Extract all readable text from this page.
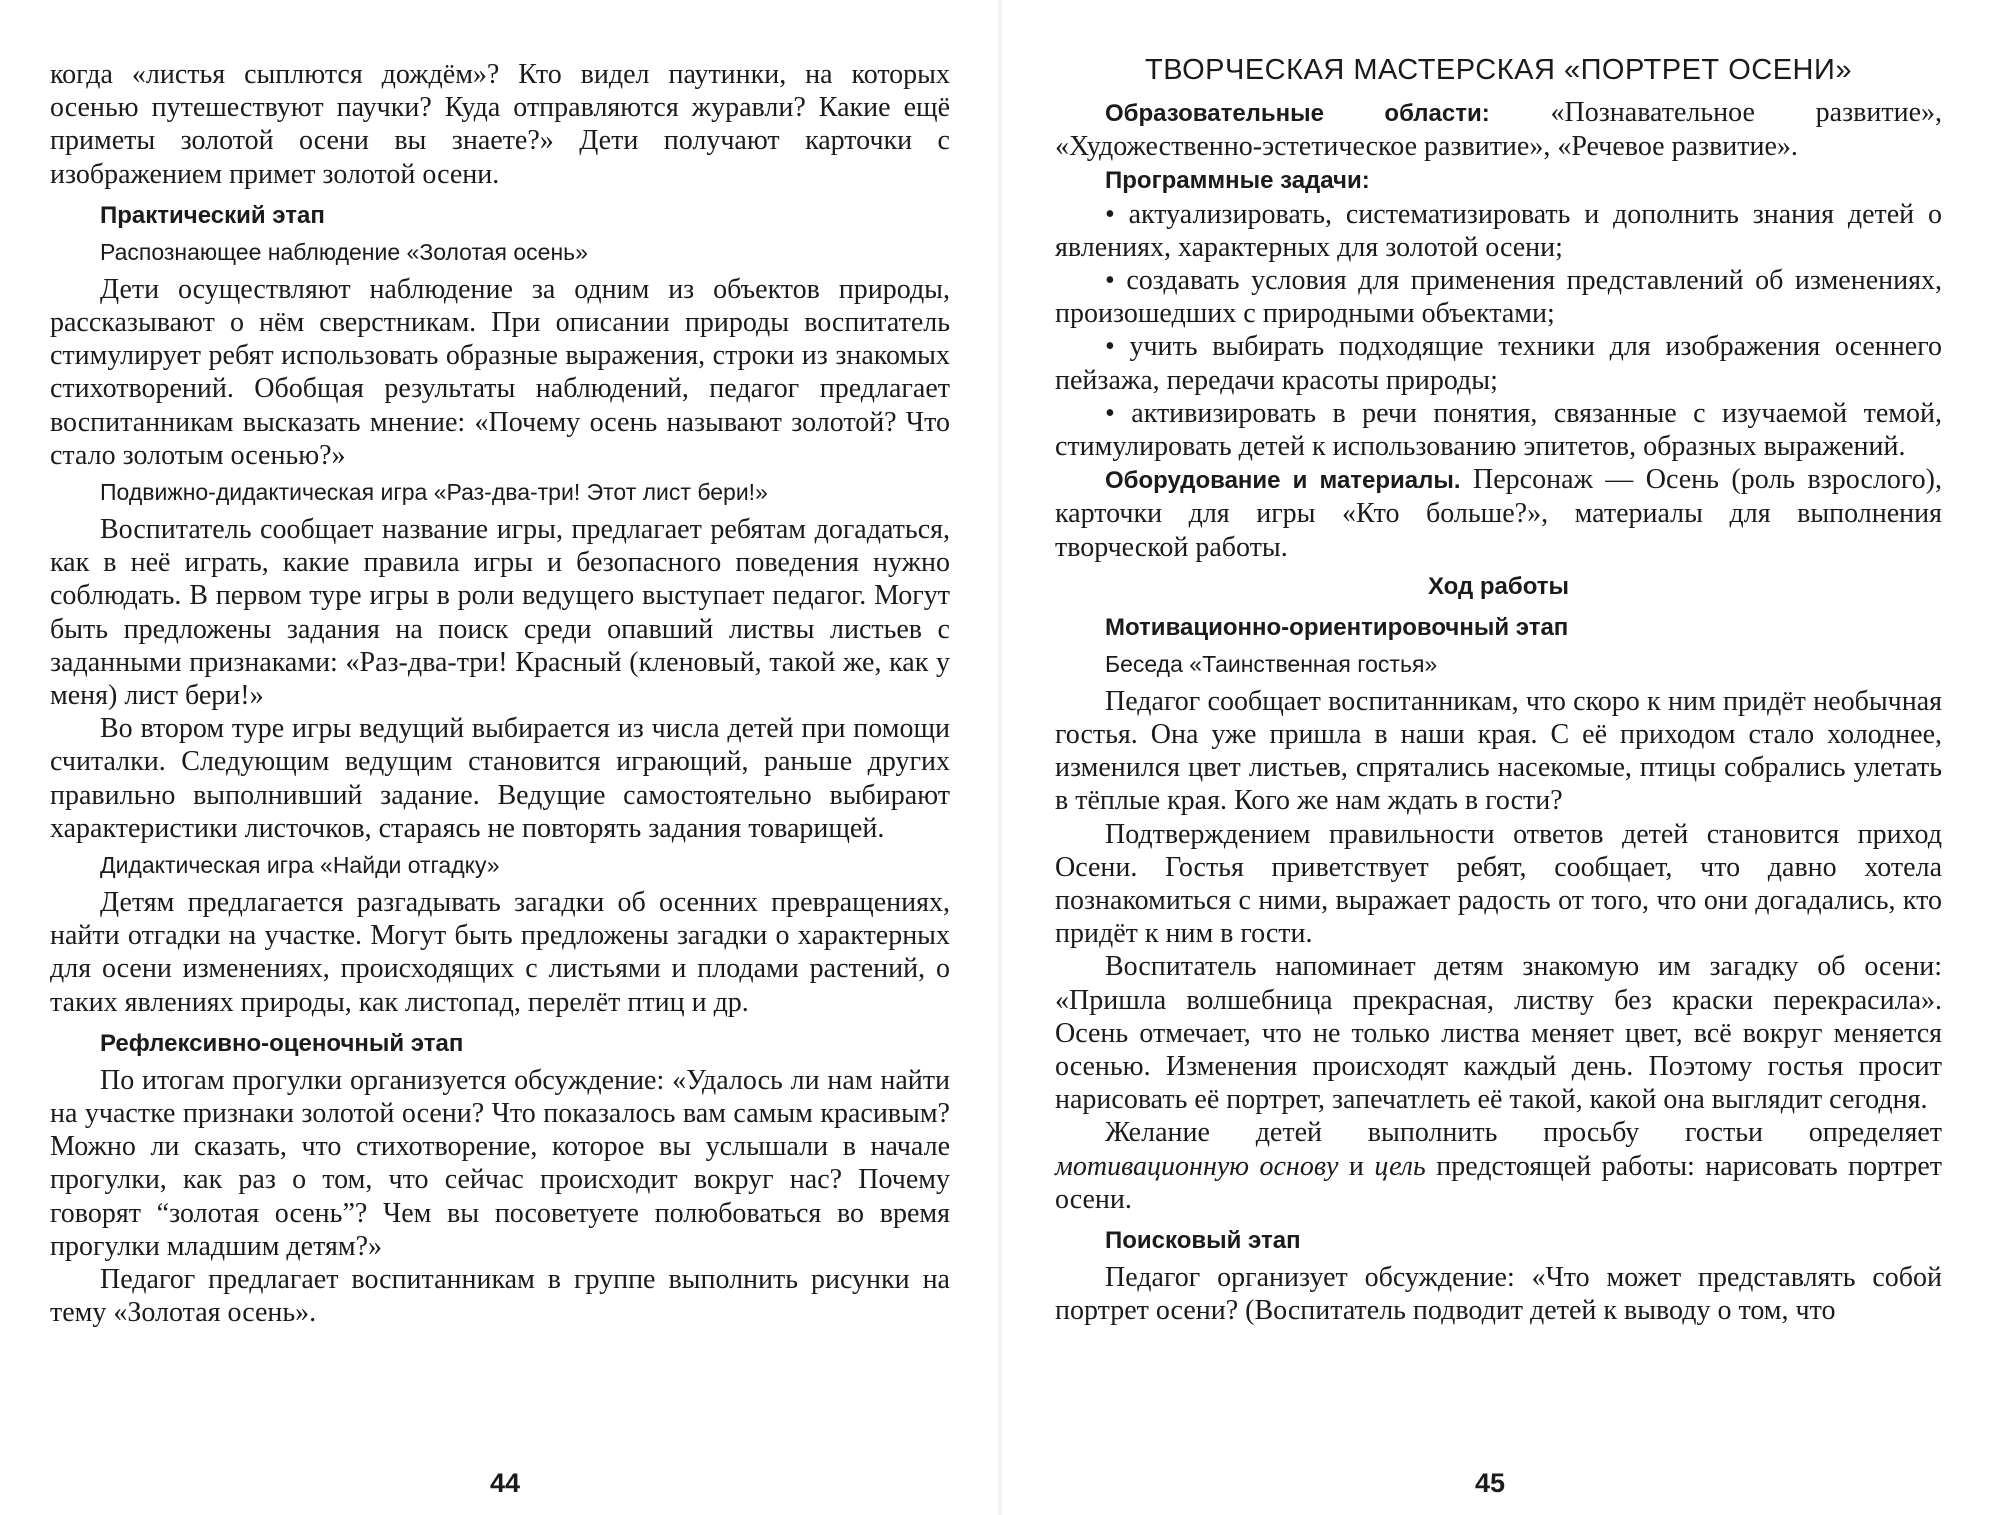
когда «листья сыплются дождём»? Кто видел паутинки, на которых осенью путешествуют паучки? Куда отправляются журавли? Какие ещё приметы золотой осени вы знаете?» Дети получают карточки с изображением примет золотой осени.

Практический этап
Распознающее наблюдение «Золотая осень»

Дети осуществляют наблюдение за одним из объектов природы, рассказывают о нём сверстникам. При описании природы воспитатель стимулирует ребят использовать образные выражения, строки из знакомых стихотворений. Обобщая результаты наблюдений, педагог предлагает воспитанникам высказать мнение: «Почему осень называют золотой? Что стало золотым осенью?»

Подвижно-дидактическая игра «Раз-два-три! Этот лист бери!»

Воспитатель сообщает название игры, предлагает ребятам догадаться, как в неё играть, какие правила игры и безопасного поведения нужно соблюдать. В первом туре игры в роли ведущего выступает педагог. Могут быть предложены задания на поиск среди опавший листвы листьев с заданными признаками: «Раз-два-три! Красный (кленовый, такой же, как у меня) лист бери!»

Во втором туре игры ведущий выбирается из числа детей при помощи считалки. Следующим ведущим становится играющий, раньше других правильно выполнивший задание. Ведущие самостоятельно выбирают характеристики листочков, стараясь не повторять задания товарищей.

Дидактическая игра «Найди отгадку»

Детям предлагается разгадывать загадки об осенних превращениях, найти отгадки на участке. Могут быть предложены загадки о характерных для осени изменениях, происходящих с листьями и плодами растений, о таких явлениях природы, как листопад, перелёт птиц и др.

Рефлексивно-оценочный этап

По итогам прогулки организуется обсуждение: «Удалось ли нам найти на участке признаки золотой осени? Что показалось вам самым красивым? Можно ли сказать, что стихотворение, которое вы услышали в начале прогулки, как раз о том, что сейчас происходит вокруг нас? Почему говорят “золотая осень”? Чем вы посоветуете полюбоваться во время прогулки младшим детям?»

Педагог предлагает воспитанникам в группе выполнить рисунки на тему «Золотая осень».

44
ТВОРЧЕСКАЯ МАСТЕРСКАЯ «ПОРТРЕТ ОСЕНИ»

Образовательные области: «Познавательное развитие», «Художественно-эстетическое развитие», «Речевое развитие».

Программные задачи:

• актуализировать, систематизировать и дополнить знания детей о явлениях, характерных для золотой осени;

• создавать условия для применения представлений об изменениях, произошедших с природными объектами;

• учить выбирать подходящие техники для изображения осеннего пейзажа, передачи красоты природы;

• активизировать в речи понятия, связанные с изучаемой темой, стимулировать детей к использованию эпитетов, образных выражений.

Оборудование и материалы. Персонаж — Осень (роль взрослого), карточки для игры «Кто больше?», материалы для выполнения творческой работы.

Ход работы
Мотивационно-ориентировочный этап
Беседа «Таинственная гостья»

Педагог сообщает воспитанникам, что скоро к ним придёт необычная гостья. Она уже пришла в наши края. С её приходом стало холоднее, изменился цвет листьев, спрятались насекомые, птицы собрались улетать в тёплые края. Кого же нам ждать в гости?

Подтверждением правильности ответов детей становится приход Осени. Гостья приветствует ребят, сообщает, что давно хотела познакомиться с ними, выражает радость от того, что они догадались, кто придёт к ним в гости.

Воспитатель напоминает детям знакомую им загадку об осени: «Пришла волшебница прекрасная, листву без краски перекрасила». Осень отмечает, что не только листва меняет цвет, всё вокруг меняется осенью. Изменения происходят каждый день. Поэтому гостья просит нарисовать её портрет, запечатлеть её такой, какой она выглядит сегодня.

Желание детей выполнить просьбу гостьи определяет мотивационную основу и цель предстоящей работы: нарисовать портрет осени.

Поисковый этап

Педагог организует обсуждение: «Что может представлять собой портрет осени? (Воспитатель подводит детей к выводу о том, что

45
